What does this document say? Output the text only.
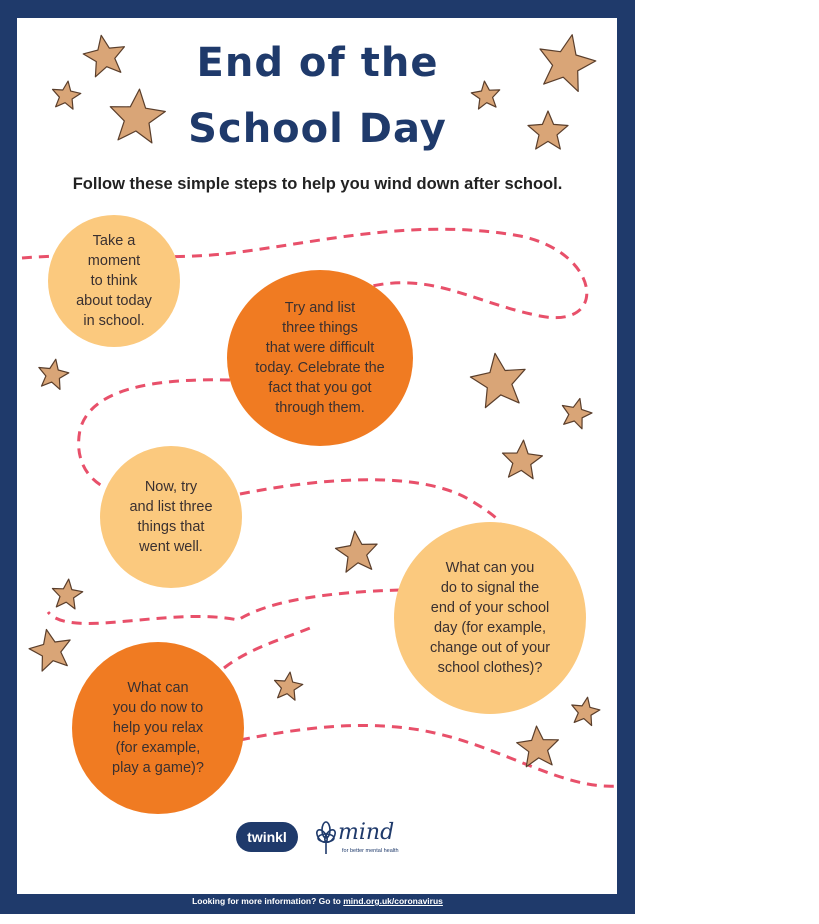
End of the
School Day

Follow these simple steps to help you wind down after school.

Take a
moment
to think
about today
in school.
Try and list
three things
that were difficult
today. Celebrate the
fact that you got
through them.
Now, try
and list three
things that
went well.
What can you
do to signal the
end of your school
day (for example,
change out of your
school clothes)?
What can
you do now to
help you relax
(for example,
play a game)?
twinkl mind
for better mental health
Looking for more information? Go to mind.org.uk/coronavirus
